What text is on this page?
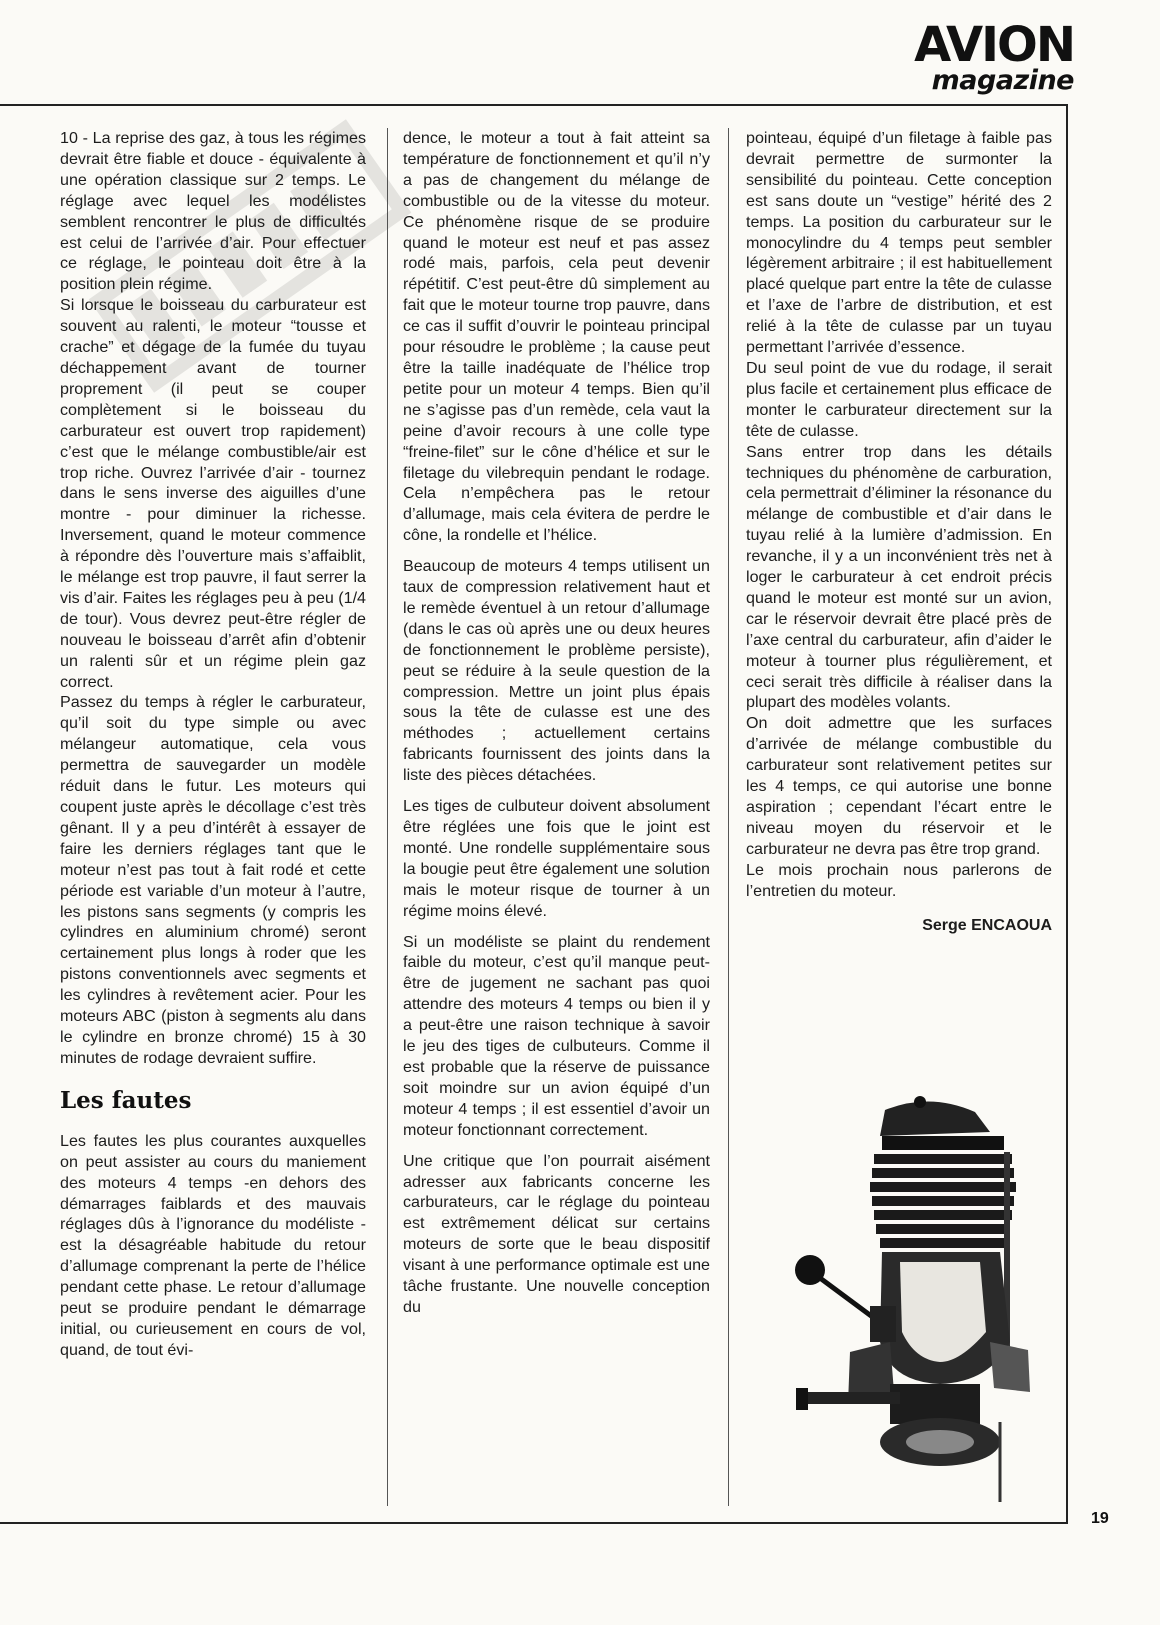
AVION
magazine

10 - La reprise des gaz, à tous les régimes devrait être fiable et douce - équivalente à une opération classique sur 2 temps. Le réglage avec lequel les modélistes semblent rencontrer le plus de difficultés est celui de l’arrivée d’air. Pour effectuer ce réglage, le pointeau doit être à la position plein régime.

Si lorsque le boisseau du carburateur est souvent au ralenti, le moteur “tousse et crache” et dégage de la fumée du tuyau déchappement avant de tourner proprement (il peut se couper complètement si le boisseau du carburateur est ouvert trop rapidement) c’est que le mélange combustible/air est trop riche. Ouvrez l’arrivée d’air - tournez dans le sens inverse des aiguilles d’une montre - pour diminuer la richesse. Inversement, quand le moteur commence à répondre dès l’ouverture mais s’affaiblit, le mélange est trop pauvre, il faut serrer la vis d’air. Faites les réglages peu à peu (1/4 de tour). Vous devrez peut-être régler de nouveau le boisseau d’arrêt afin d’obtenir un ralenti sûr et un régime plein gaz correct.

Passez du temps à régler le carburateur, qu’il soit du type simple ou avec mélangeur automatique, cela vous permettra de sauvegarder un modèle réduit dans le futur. Les moteurs qui coupent juste après le décollage c’est très gênant. Il y a peu d’intérêt à essayer de faire les derniers réglages tant que le moteur n’est pas tout à fait rodé et cette période est variable d’un moteur à l’autre, les pistons sans segments (y compris les cylindres en aluminium chromé) seront certainement plus longs à roder que les pistons conventionnels avec segments et les cylindres à revêtement acier. Pour les moteurs ABC (piston à segments alu dans le cylindre en bronze chromé) 15 à 30 minutes de rodage devraient suffire.

Les fautes

Les fautes les plus courantes auxquelles on peut assister au cours du maniement des moteurs 4 temps -en dehors des démarrages faiblards et des mauvais réglages dûs à l’ignorance du modéliste - est la désagréable habitude du retour d’allumage comprenant la perte de l’hélice pendant cette phase. Le retour d’allumage peut se produire pendant le démarrage initial, ou curieusement en cours de vol, quand, de tout évi-

dence, le moteur a tout à fait atteint sa température de fonctionnement et qu’il n’y a pas de changement du mélange de combustible ou de la vitesse du moteur. Ce phénomène risque de se produire quand le moteur est neuf et pas assez rodé mais, parfois, cela peut devenir répétitif. C’est peut-être dû simplement au fait que le moteur tourne trop pauvre, dans ce cas il suffit d’ouvrir le pointeau principal pour résoudre le problème ; la cause peut être la taille inadéquate de l’hélice trop petite pour un moteur 4 temps. Bien qu’il ne s’agisse pas d’un remède, cela vaut la peine d’avoir recours à une colle type “freine-filet” sur le cône d’hélice et sur le filetage du vilebrequin pendant le rodage. Cela n’empêchera pas le retour d’allumage, mais cela évitera de perdre le cône, la rondelle et l’hélice.

Beaucoup de moteurs 4 temps utilisent un taux de compression relativement haut et le remède éventuel à un retour d’allumage (dans le cas où après une ou deux heures de fonctionnement le problème persiste), peut se réduire à la seule question de la compression. Mettre un joint plus épais sous la tête de culasse est une des méthodes ; actuellement certains fabricants fournissent des joints dans la liste des pièces détachées.

Les tiges de culbuteur doivent absolument être réglées une fois que le joint est monté. Une rondelle supplémentaire sous la bougie peut être également une solution mais le moteur risque de tourner à un régime moins élevé.

Si un modéliste se plaint du rendement faible du moteur, c’est qu’il manque peut-être de jugement ne sachant pas quoi attendre des moteurs 4 temps ou bien il y a peut-être une raison technique à savoir le jeu des tiges de culbuteurs. Comme il est probable que la réserve de puissance soit moindre sur un avion équipé d’un moteur 4 temps ; il est essentiel d’avoir un moteur fonctionnant correctement.

Une critique que l’on pourrait aisément adresser aux fabricants concerne les carburateurs, car le réglage du pointeau est extrêmement délicat sur certains moteurs de sorte que le beau dispositif visant à une performance optimale est une tâche frustante. Une nouvelle conception du

pointeau, équipé d’un filetage à faible pas devrait permettre de surmonter la sensibilité du pointeau. Cette conception est sans doute un “vestige” hérité des 2 temps. La position du carburateur sur le monocylindre du 4 temps peut sembler légèrement arbitraire ; il est habituellement placé quelque part entre la tête de culasse et l’axe de l’arbre de distribution, et est relié à la tête de culasse par un tuyau permettant l’arrivée d’essence.

Du seul point de vue du rodage, il serait plus facile et certainement plus efficace de monter le carburateur directement sur la tête de culasse.

Sans entrer trop dans les détails techniques du phénomène de carburation, cela permettrait d’éliminer la résonance du mélange de combustible et d’air dans le tuyau relié à la lumière d’admission. En revanche, il y a un inconvénient très net à loger le carburateur à cet endroit précis quand le moteur est monté sur un avion, car le réservoir devrait être placé près de l’axe central du carburateur, afin d’aider le moteur à tourner plus régulièrement, et ceci serait très difficile à réaliser dans la plupart des modèles volants.

On doit admettre que les surfaces d’arrivée de mélange combustible du carburateur sont relativement petites sur les 4 temps, ce qui autorise une bonne aspiration ; cependant l’écart entre le niveau moyen du réservoir et le carburateur ne devra pas être trop grand.

Le mois prochain nous parlerons de l’entretien du moteur.

Serge ENCAOUA
19
